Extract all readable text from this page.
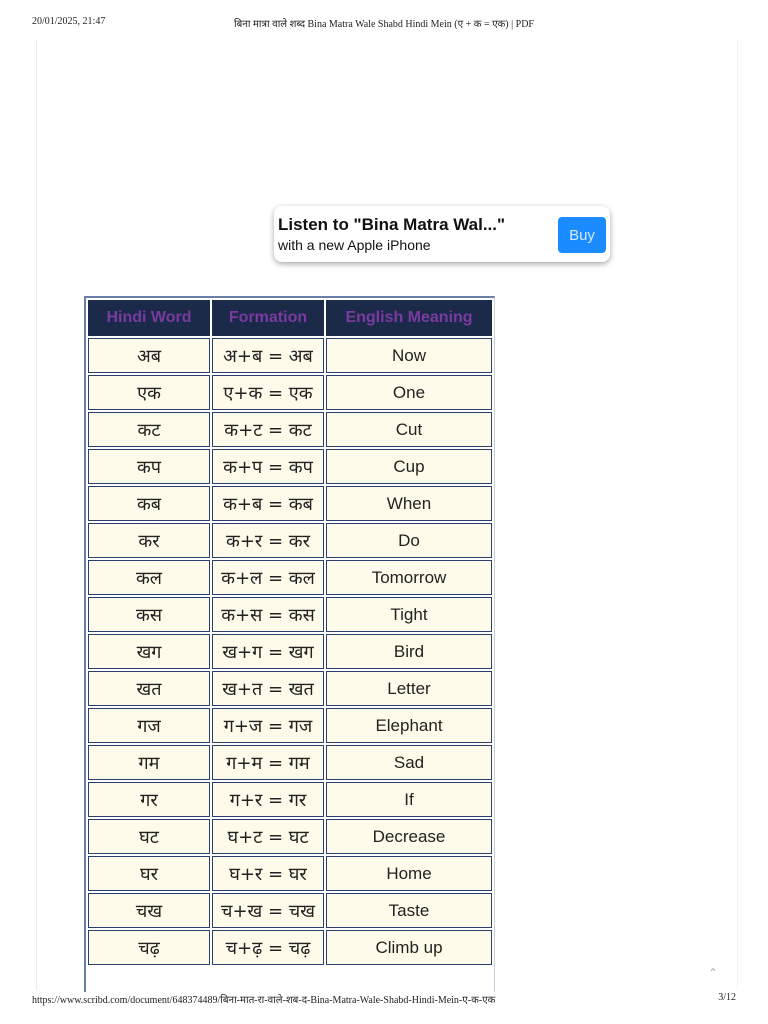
20/01/2025, 21:47	बिना मात्रा वाले शब्द Bina Matra Wale Shabd Hindi Mein (ए + क = एक) | PDF
Listen to "Bina Matra Wal..."
with a new Apple iPhone
Buy
Hindi Word	Formation	English Meaning
अब	अ+ब = अब	Now
एक	ए+क = एक	One
कट	क+ट = कट	Cut
कप	क+प = कप	Cup
कब	क+ब = कब	When
कर	क+र = कर	Do
कल	क+ल = कल	Tomorrow
कस	क+स = कस	Tight
खग	ख+ग = खग	Bird
खत	ख+त = खत	Letter
गज	ग+ज = गज	Elephant
गम	ग+म = गम	Sad
गर	ग+र = गर	If
घट	घ+ट = घट	Decrease
घर	घ+र = घर	Home
चख	च+ख = चख	Taste
चढ़	च+ढ़ = चढ़	Climb up
⌃
https://www.scribd.com/document/648374489/बिना-मात-रा-वाले-शब-द-Bina-Matra-Wale-Shabd-Hindi-Mein-ए-क-एक	3/12
